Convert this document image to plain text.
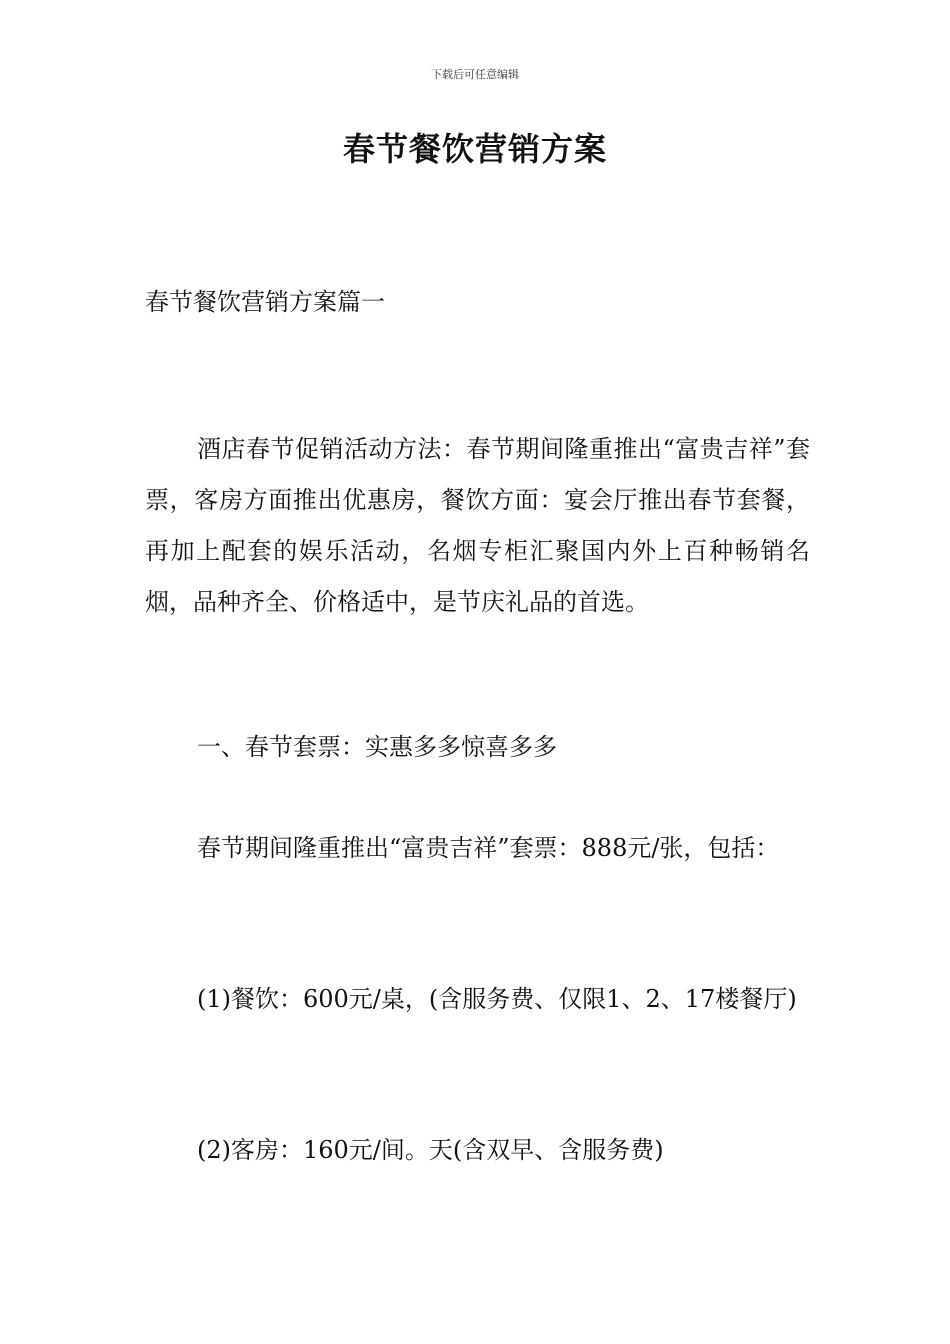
下载后可任意编辑
春节餐饮营销方案
春节餐饮营销方案篇一

酒店春节促销活动方法：春节期间隆重推出“富贵吉祥”套票，客房方面推出优惠房，餐饮方面：宴会厅推出春节套餐，再加上配套的娱乐活动，名烟专柜汇聚国内外上百种畅销名烟，品种齐全、价格适中，是节庆礼品的首选。

一、春节套票：实惠多多惊喜多多

春节期间隆重推出“富贵吉祥”套票：888元/张，包括：

(1)餐饮：600元/桌，(含服务费、仅限1、2、17楼餐厅)

(2)客房：160元/间。天(含双早、含服务费)
